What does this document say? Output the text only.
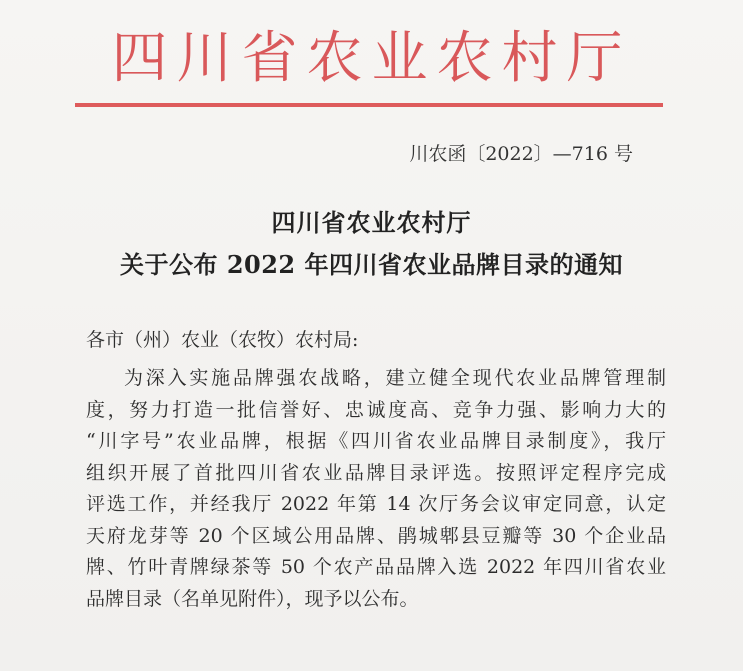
四川省农业农村厅
川农函〔2022〕—716 号
四川省农业农村厅
关于公布 2022 年四川省农业品牌目录的通知
各市（州）农业（农牧）农村局:
为深入实施品牌强农战略，建立健全现代农业品牌管理制
度，努力打造一批信誉好、忠诚度高、竞争力强、影响力大的
“川字号”农业品牌，根据《四川省农业品牌目录制度》，我厅
组织开展了首批四川省农业品牌目录评选。按照评定程序完成
评选工作，并经我厅 2022 年第 14 次厅务会议审定同意，认定
天府龙芽等 20 个区域公用品牌、鹃城郫县豆瓣等 30 个企业品
牌、竹叶青牌绿茶等 50 个农产品品牌入选 2022 年四川省农业
品牌目录（名单见附件），现予以公布。
